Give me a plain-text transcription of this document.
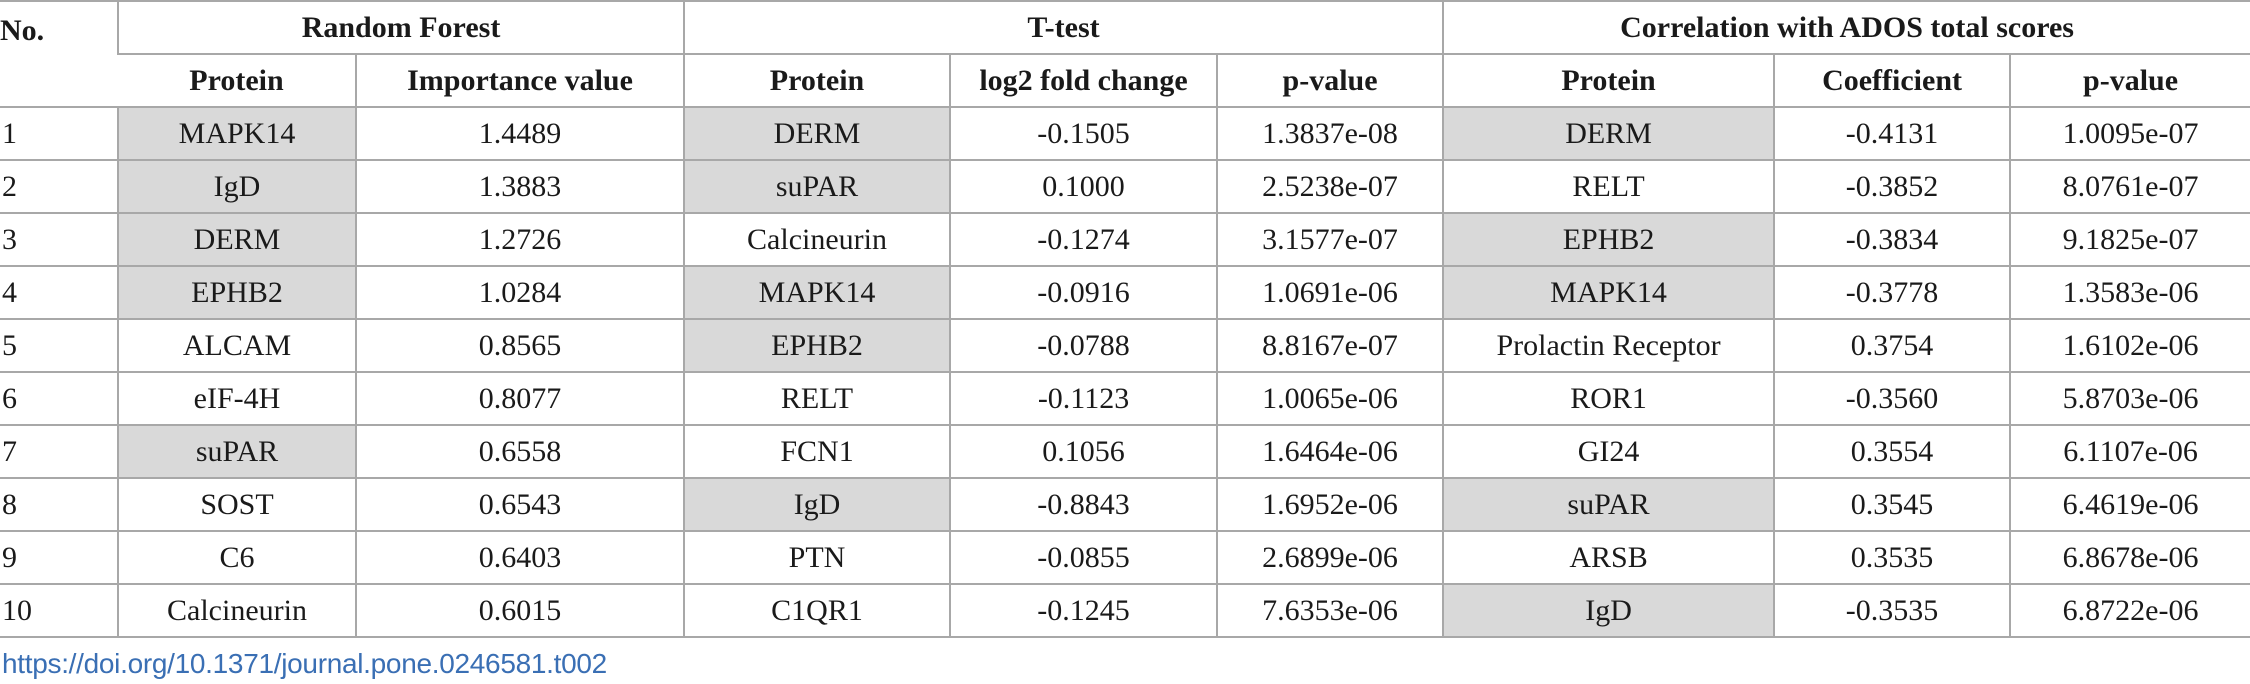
No.	Random Forest		T-test			Correlation with ADOS total scores		
	Protein	Importance value	Protein	log2 fold change	p-value	Protein	Coefficient	p-value
1	MAPK14	1.4489	DERM	-0.1505	1.3837e-08	DERM	-0.4131	1.0095e-07
2	IgD	1.3883	suPAR	0.1000	2.5238e-07	RELT	-0.3852	8.0761e-07
3	DERM	1.2726	Calcineurin	-0.1274	3.1577e-07	EPHB2	-0.3834	9.1825e-07
4	EPHB2	1.0284	MAPK14	-0.0916	1.0691e-06	MAPK14	-0.3778	1.3583e-06
5	ALCAM	0.8565	EPHB2	-0.0788	8.8167e-07	Prolactin Receptor	0.3754	1.6102e-06
6	eIF-4H	0.8077	RELT	-0.1123	1.0065e-06	ROR1	-0.3560	5.8703e-06
7	suPAR	0.6558	FCN1	0.1056	1.6464e-06	GI24	0.3554	6.1107e-06
8	SOST	0.6543	IgD	-0.8843	1.6952e-06	suPAR	0.3545	6.4619e-06
9	C6	0.6403	PTN	-0.0855	2.6899e-06	ARSB	0.3535	6.8678e-06
10	Calcineurin	0.6015	C1QR1	-0.1245	7.6353e-06	IgD	-0.3535	6.8722e-06
https://doi.org/10.1371/journal.pone.0246581.t002
